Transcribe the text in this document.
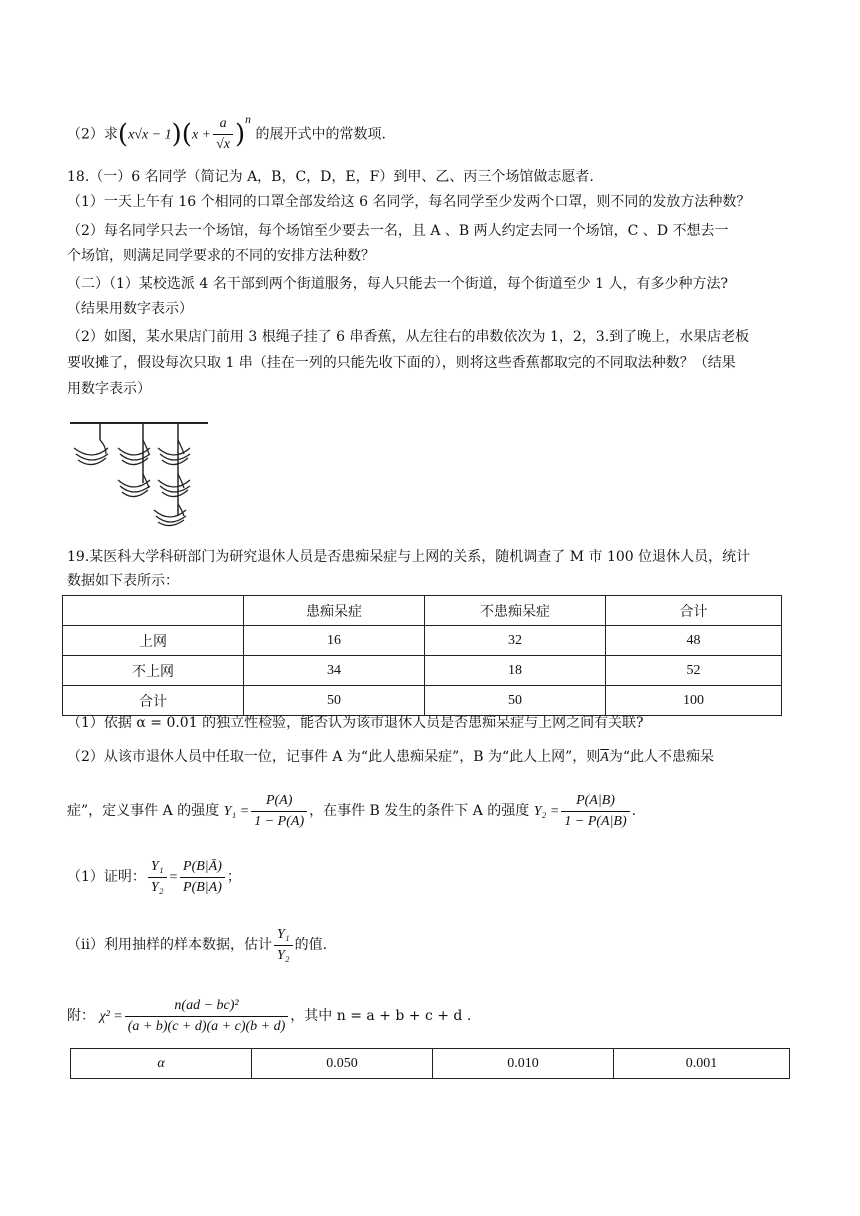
（2）求$(x√x - 1)(x + \frac{a}{√x} )^n$ 的展开式中的常数项.
18.（一）6 名同学（简记为 A，B，C，D，E，F）到甲、乙、丙三个场馆做志愿者.
（1）一天上午有 16 个相同的口罩全部发给这 6 名同学，每名同学至少发两个口罩，则不同的发放方法种数？
（2）每名同学只去一个场馆，每个场馆至少要去一名，且 A 、B 两人约定去同一个场馆，C 、D 不想去一
个场馆，则满足同学要求的不同的安排方法种数？
（二）（1）某校选派 4 名干部到两个街道服务，每人只能去一个街道，每个街道至少 1 人，有多少种方法?
（结果用数字表示）
（2）如图，某水果店门前用 3 根绳子挂了 6 串香蕉，从左往右的串数依次为 1，2，3.到了晚上，水果店老板
要收摊了，假设每次只取 1 串（挂在一列的只能先收下面的），则将这些香蕉都取完的不同取法种数？（结果
用数字表示）
19.某医科大学科研部门为研究退休人员是否患痴呆症与上网的关系，随机调查了 M 市 100 位退休人员，统计
数据如下表所示：
	患痴呆症	不患痴呆症	合计
上网	16	32	48
不上网	34	18	52
合计	50	50	100
（1）依据 α = 0.01 的独立性检验，能否认为该市退休人员是否患痴呆症与上网之间有关联?
（2）从该市退休人员中任取一位，记事件 A 为“此人患痴呆症”，B 为“此人上网”，则$\overline{A}$为“此人不患痴呆
症”，定义事件 A 的强度 $Y_1 = \frac{P(A)}{1 - P(A)}$ ，在事件 B 发生的条件下 A 的强度 $Y_2 = \frac{P(A|B)}{1 - P(A|B)}$ .
（1）证明： $\frac{\text{Y₁}}{\text{Y₂}} = \frac{P(B|Ā)}{P(B|A)}$ ；
（ii）利用抽样的样本数据，估计 $\frac{\text{Y₁}}{\text{Y₂}}$ 的值.
附： $\chi^2 = \frac{\text{n(ad − bc)²}}{(a + b)(c + d)(a + c)(b + d)}$ ，其中 n = a + b + c + d .
α	0.050	0.010	0.001
